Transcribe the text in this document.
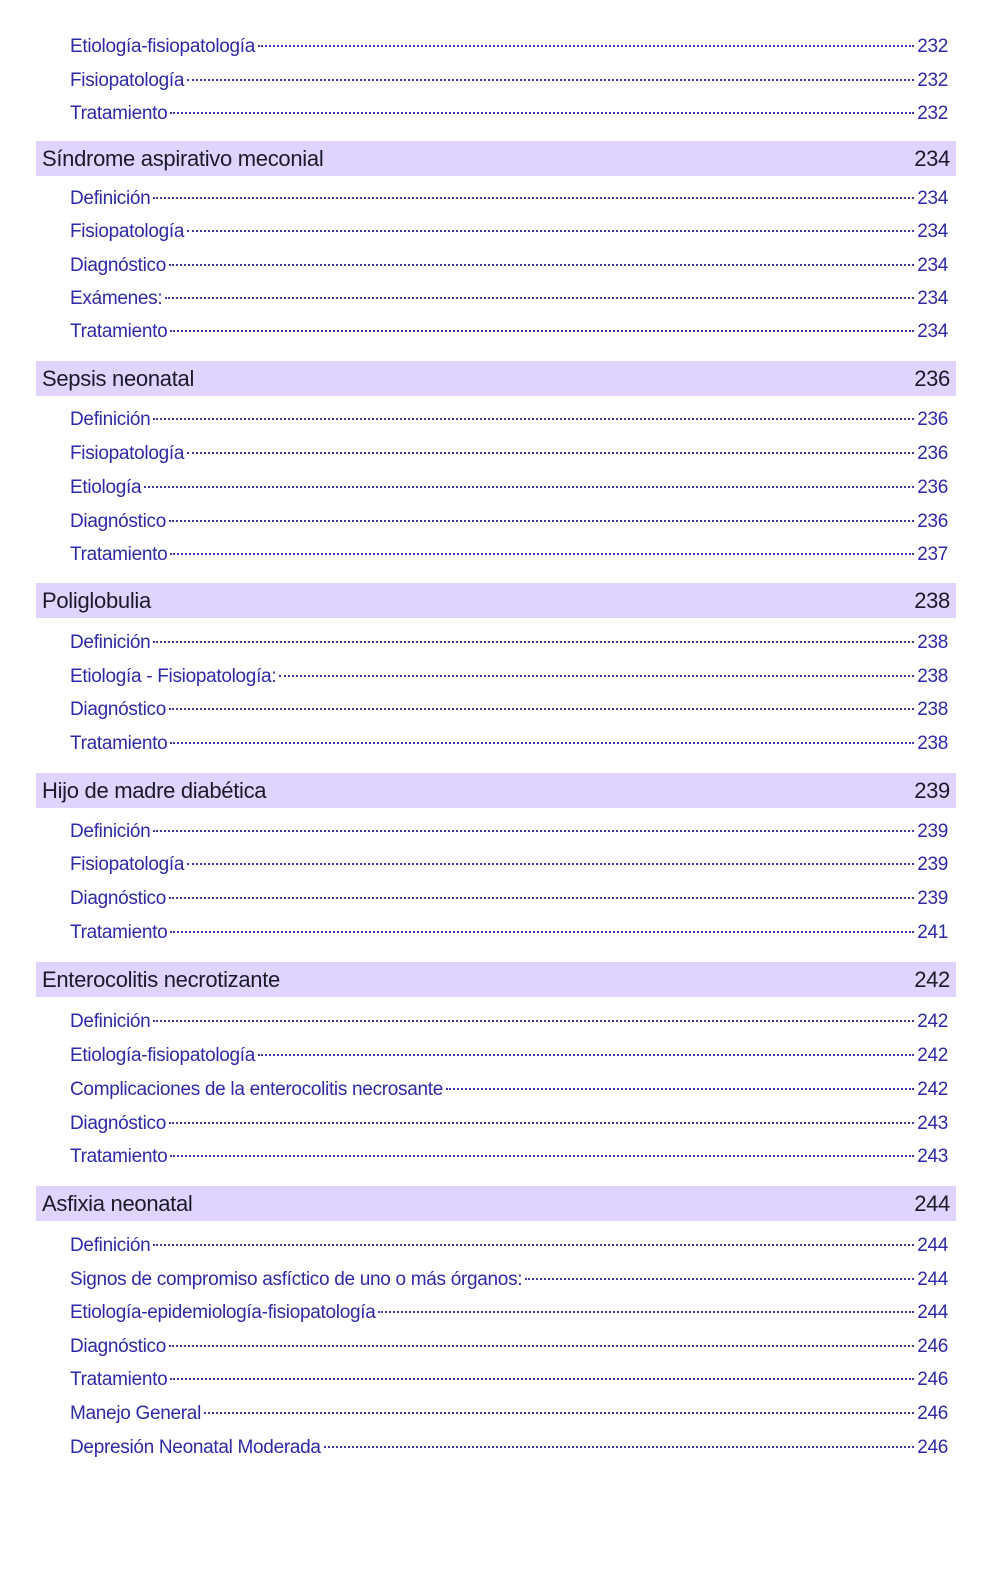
Etiología-fisiopatología	232
Fisiopatología	232
Tratamiento	232
Síndrome aspirativo meconial	234
Definición	234
Fisiopatología	234
Diagnóstico	234
Exámenes:	234
Tratamiento	234
Sepsis neonatal	236
Definición	236
Fisiopatología	236
Etiología	236
Diagnóstico	236
Tratamiento	237
Poliglobulia	238
Definición	238
Etiología - Fisiopatología:	238
Diagnóstico	238
Tratamiento	238
Hijo de madre diabética	239
Definición	239
Fisiopatología	239
Diagnóstico	239
Tratamiento	241
Enterocolitis necrotizante	242
Definición	242
Etiología-fisiopatología	242
Complicaciones de la enterocolitis necrosante	242
Diagnóstico	243
Tratamiento	243
Asfixia neonatal	244
Definición	244
Signos de compromiso asfíctico de uno o más órganos:	244
Etiología-epidemiología-fisiopatología	244
Diagnóstico	246
Tratamiento	246
Manejo General	246
Depresión Neonatal Moderada	246
